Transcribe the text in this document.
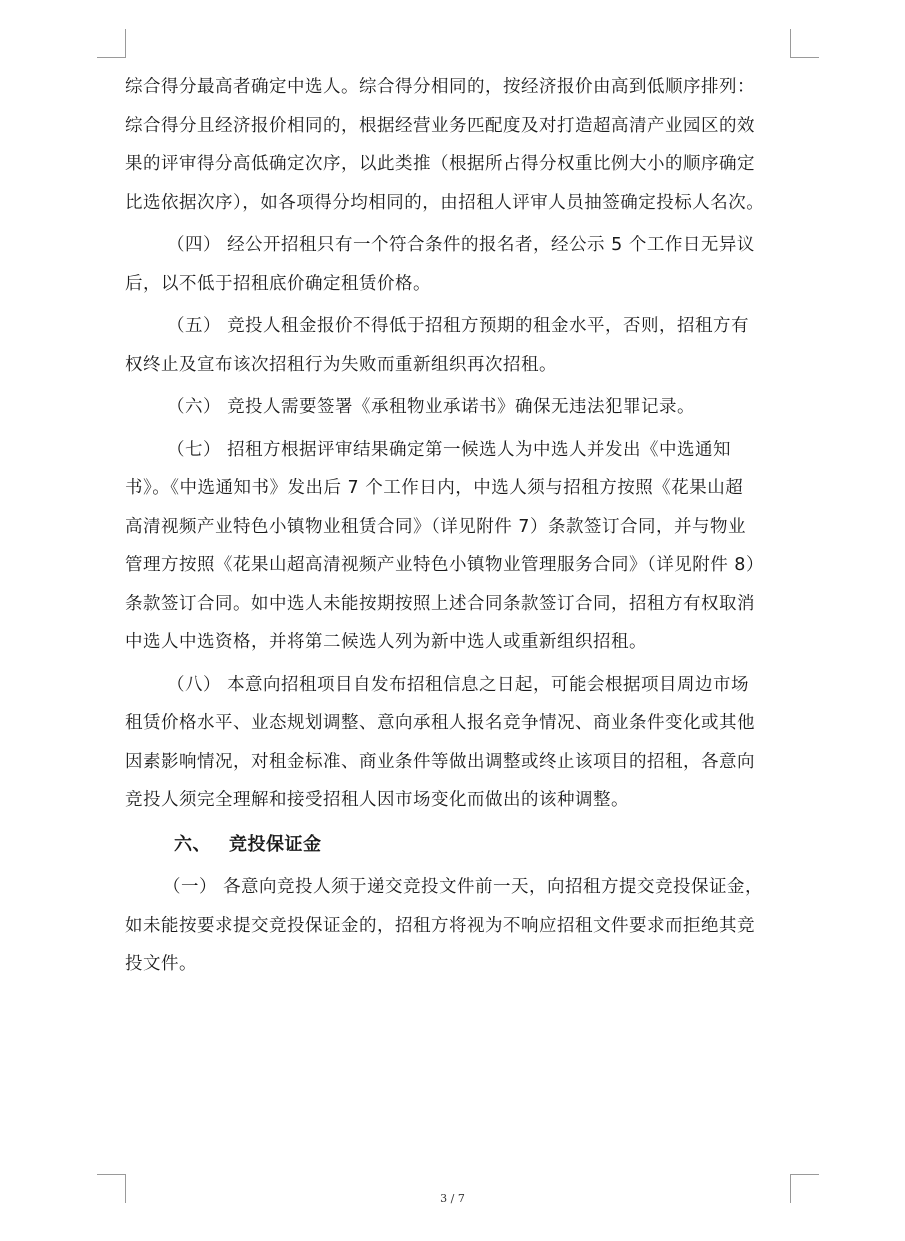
综合得分最高者确定中选人。综合得分相同的，按经济报价由高到低顺序排列：
综合得分且经济报价相同的，根据经营业务匹配度及对打造超高清产业园区的效
果的评审得分高低确定次序，以此类推（根据所占得分权重比例大小的顺序确定
比选依据次序），如各项得分均相同的，由招租人评审人员抽签确定投标人名次。

（四） 经公开招租只有一个符合条件的报名者，经公示 5 个工作日无异议
后，以不低于招租底价确定租赁价格。

（五） 竞投人租金报价不得低于招租方预期的租金水平，否则，招租方有
权终止及宣布该次招租行为失败而重新组织再次招租。

（六） 竞投人需要签署《承租物业承诺书》确保无违法犯罪记录。

（七） 招租方根据评审结果确定第一候选人为中选人并发出《中选通知
书》。《中选通知书》发出后 7 个工作日内，中选人须与招租方按照《花果山超
高清视频产业特色小镇物业租赁合同》（详见附件 7）条款签订合同，并与物业
管理方按照《花果山超高清视频产业特色小镇物业管理服务合同》（详见附件 8）
条款签订合同。如中选人未能按期按照上述合同条款签订合同，招租方有权取消
中选人中选资格，并将第二候选人列为新中选人或重新组织招租。

（八） 本意向招租项目自发布招租信息之日起，可能会根据项目周边市场
租赁价格水平、业态规划调整、意向承租人报名竞争情况、商业条件变化或其他
因素影响情况，对租金标准、商业条件等做出调整或终止该项目的招租，各意向
竞投人须完全理解和接受招租人因市场变化而做出的该种调整。

六、 竞投保证金

（一） 各意向竞投人须于递交竞投文件前一天，向招租方提交竞投保证金，
如未能按要求提交竞投保证金的，招租方将视为不响应招租文件要求而拒绝其竞
投文件。

3 / 7
